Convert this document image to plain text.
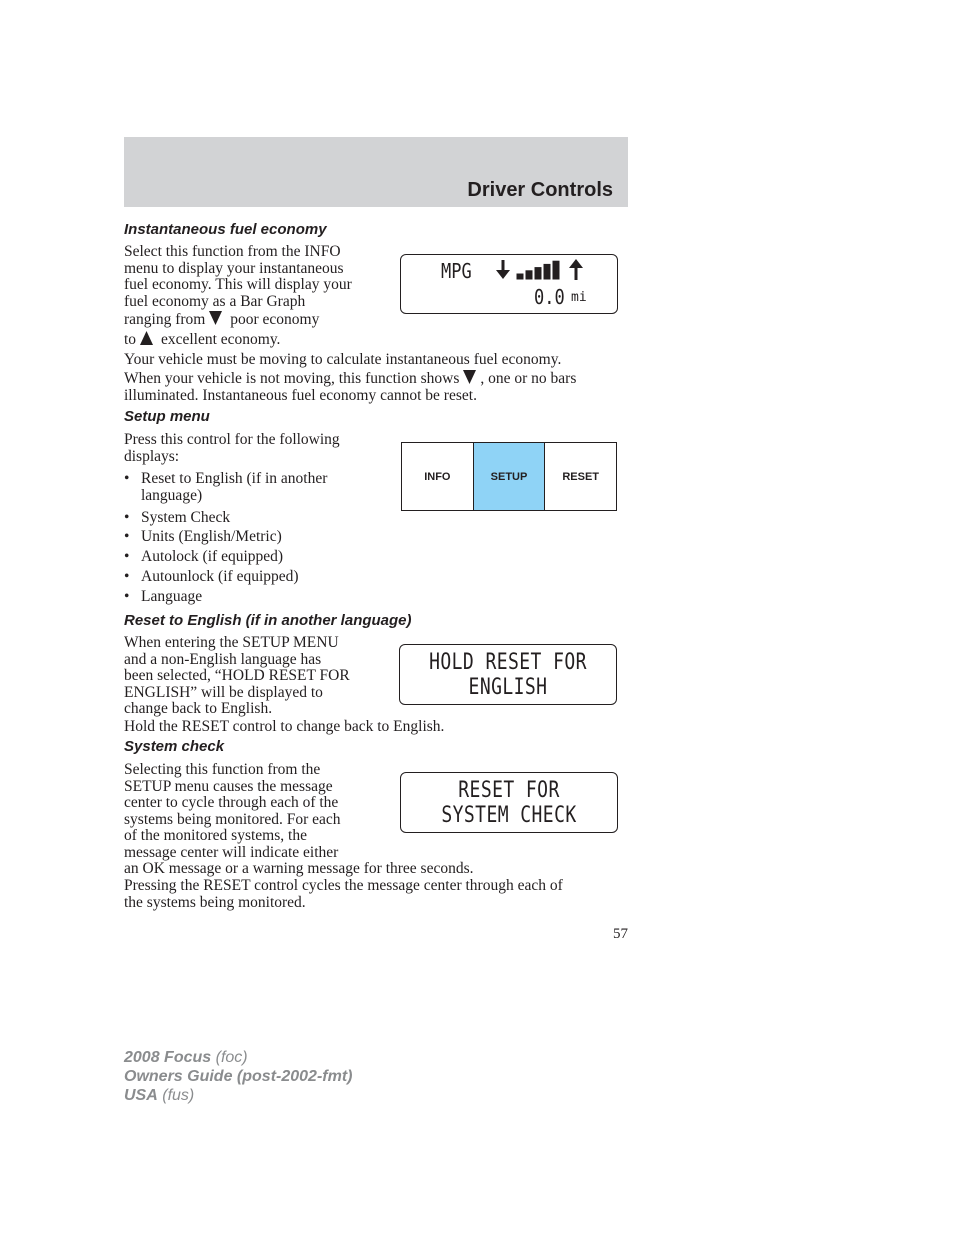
Driver Controls
Instantaneous fuel economy

Select this function from the INFO

menu to display your instantaneous

fuel economy. This will display your

fuel economy as a Bar Graph

ranging from poor economy

to excellent economy.

Your vehicle must be moving to calculate instantaneous fuel economy.

When your vehicle is not moving, this function shows , one or no bars

illuminated. Instantaneous fuel economy cannot be reset.

MPG
0.0 mi
Setup menu

Press this control for the following

displays:

• Reset to English (if in another
language)
• System Check
• Units (English/Metric)
• Autolock (if equipped)
• Autounlock (if equipped)
• Language
INFO	SETUP	RESET
Reset to English (if in another language)

When entering the SETUP MENU

and a non-English language has

been selected, “HOLD RESET FOR

ENGLISH” will be displayed to

change back to English.

Hold the RESET control to change back to English.

HOLD RESET FOR
ENGLISH
System check

Selecting this function from the

SETUP menu causes the message

center to cycle through each of the

systems being monitored. For each

of the monitored systems, the

message center will indicate either

an OK message or a warning message for three seconds.

Pressing the RESET control cycles the message center through each of

the systems being monitored.

RESET FOR
SYSTEM CHECK
57
2008 Focus (foc)
Owners Guide (post-2002-fmt)
USA (fus)
